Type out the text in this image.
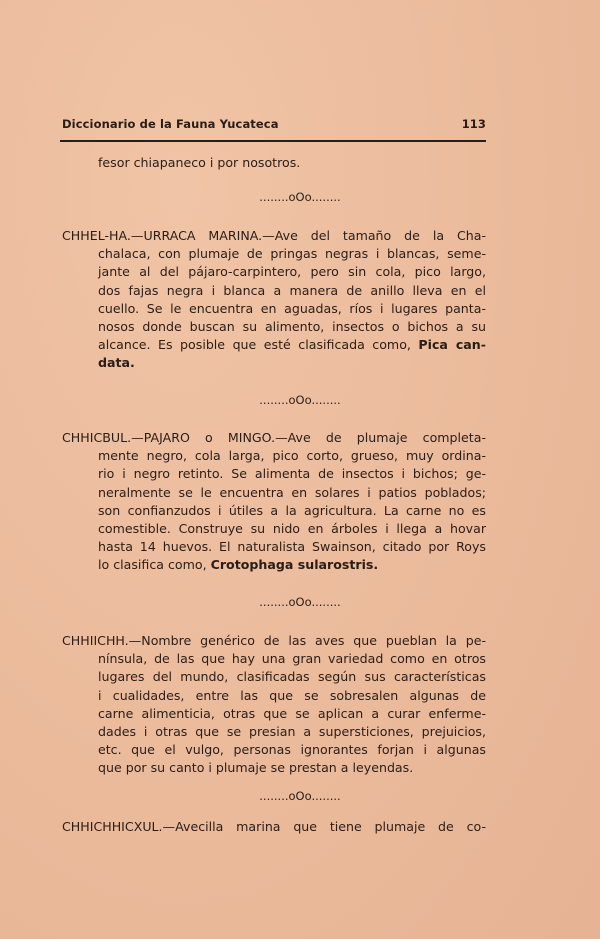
Diccionario de la Fauna Yucateca	113
fesor chiapaneco i por nosotros.
........oOo........
........oOo........
........oOo........
........oOo........
CHHEL-HA.—URRACA MARINA.—Ave del tamaño de la Cha-
chalaca, con plumaje de pringas negras i blancas, seme-
jante al del pájaro-carpintero, pero sin cola, pico largo,
dos fajas negra i blanca a manera de anillo lleva en el
cuello. Se le encuentra en aguadas, ríos i lugares panta-
nosos donde buscan su alimento, insectos o bichos a su
alcance. Es posible que esté clasificada como, Pica can-
data.
CHHICBUL.—PAJARO o MINGO.—Ave de plumaje completa-
mente negro, cola larga, pico corto, grueso, muy ordina-
rio i negro retinto. Se alimenta de insectos i bichos; ge-
neralmente se le encuentra en solares i patios poblados;
son confianzudos i útiles a la agricultura. La carne no es
comestible. Construye su nido en árboles i llega a hovar
hasta 14 huevos. El naturalista Swainson, citado por Roys
lo clasifica como, Crotophaga sularostris.
CHHIICHH.—Nombre genérico de las aves que pueblan la pe-
nínsula, de las que hay una gran variedad como en otros
lugares del mundo, clasificadas según sus características
i cualidades, entre las que se sobresalen algunas de
carne alimenticia, otras que se aplican a curar enferme-
dades i otras que se presian a supersticiones, prejuicios,
etc. que el vulgo, personas ignorantes forjan i algunas
que por su canto i plumaje se prestan a leyendas.
CHHICHHICXUL.—Avecilla marina que tiene plumaje de co-
